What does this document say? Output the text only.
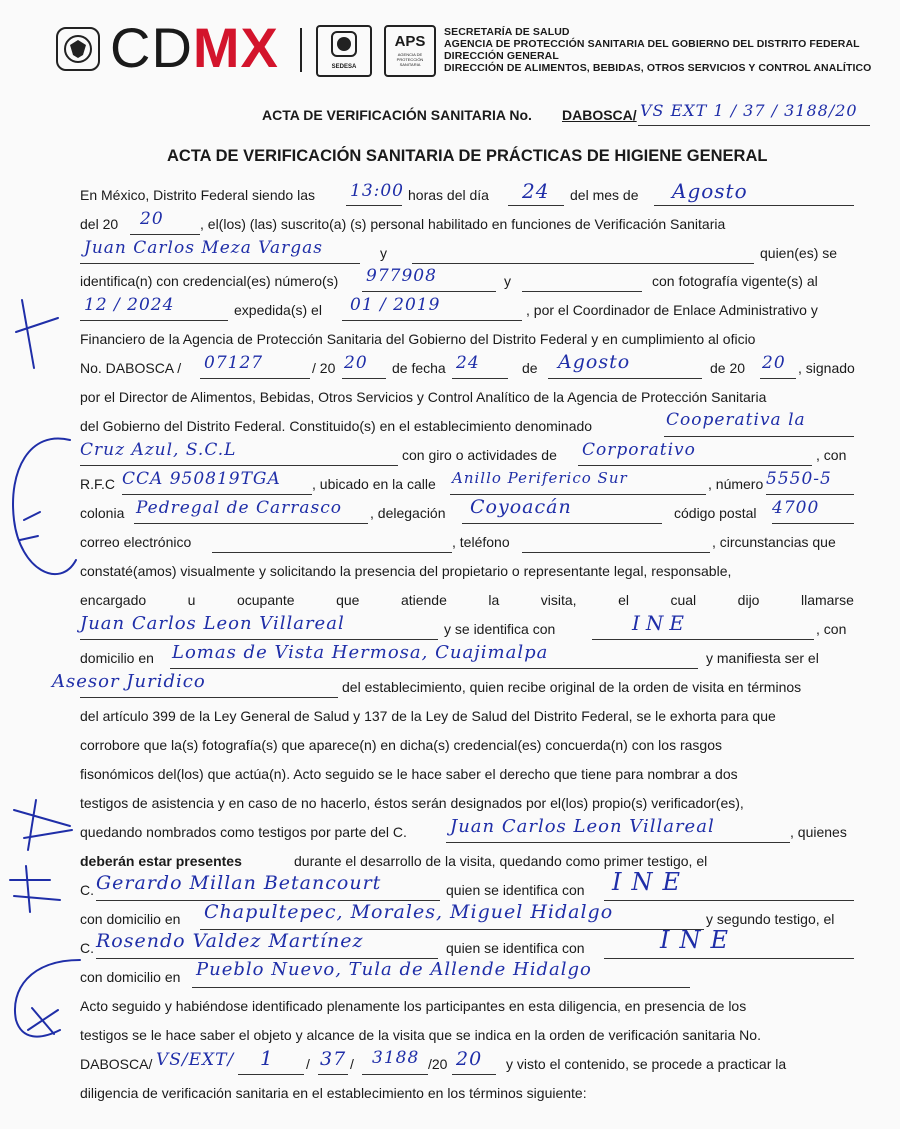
CDMX	SEDESA
APS
AGENCIA DE PROTECCIÓN SANITARIA
SECRETARÍA DE SALUD
AGENCIA DE PROTECCIÓN SANITARIA DEL GOBIERNO DEL DISTRITO FEDERAL
DIRECCIÓN GENERAL
DIRECCIÓN DE ALIMENTOS, BEBIDAS, OTROS SERVICIOS Y CONTROL ANALÍTICO
ACTA DE VERIFICACIÓN SANITARIA No. DABOSCA/ VS EXT 1 / 37 / 3188/20
ACTA DE VERIFICACIÓN SANITARIA DE PRÁCTICAS DE HIGIENE GENERAL
En México, Distrito Federal siendo las 13:00 horas del día 24 del mes de Agosto
del 20 20	, el(los) (las) suscrito(a) (s) personal habilitado en funciones de Verificación Sanitaria
Juan Carlos Meza Vargas	y	quien(es) se
identifica(n) con credencial(es) número(s) 977908	y	con fotografía vigente(s) al
12 / 2024	expedida(s) el 01 / 2019	, por el Coordinador de Enlace Administrativo y
Financiero de la Agencia de Protección Sanitaria del Gobierno del Distrito Federal y en cumplimiento al oficio
No. DABOSCA / 07127	/ 20 20 de fecha 24	de Agosto	de 20 20 , signado
por el Director de Alimentos, Bebidas, Otros Servicios y Control Analítico de la Agencia de Protección Sanitaria
del Gobierno del Distrito Federal. Constituido(s) en el establecimiento denominado	Cooperativa la
Cruz Azul, S.C.L	con giro o actividades de Corporativo	, con
R.F.C CCA 950819TGA , ubicado en la calle Anillo Periferico Sur	, número 5550-5
colonia Pedregal de Carrasco , delegación Coyoacán	código postal 4700
correo electrónico	, teléfono	, circunstancias que
constaté(amos) visualmente y solicitando la presencia del propietario o representante legal, responsable,
encargado	u	ocupante	que	atiende	la	visita,	el	cual	dijo	llamarse
Juan Carlos Leon Villareal	y se identifica con	INE	, con
domicilio en Lomas de Vista Hermosa, Cuajimalpa	y manifiesta ser el
Asesor Juridico	del establecimiento, quien recibe original de la orden de visita en términos
del artículo 399 de la Ley General de Salud y 137 de la Ley de Salud del Distrito Federal, se le exhorta para que
corrobore que la(s) fotografía(s) que aparece(n) en dicha(s) credencial(es) concuerda(n) con los rasgos
fisonómicos del(los) que actúa(n). Acto seguido se le hace saber el derecho que tiene para nombrar a dos
testigos de asistencia y en caso de no hacerlo, éstos serán designados por el(los) propio(s) verificador(es),
quedando nombrados como testigos por parte del C. Juan Carlos Leon Villareal	, quienes
deberán estar presentes	durante el desarrollo de la visita, quedando como primer testigo, el
C. Gerardo Millan Betancourt	quien se identifica con INE
con domicilio en Chapultepec, Morales, Miguel Hidalgo	y segundo testigo, el
C. Rosendo Valdez Martínez	quien se identifica con	INE
con domicilio en Pueblo Nuevo, Tula de Allende Hidalgo
Acto seguido y habiéndose identificado plenamente los participantes en esta diligencia, en presencia de los
testigos se le hace saber el objeto y alcance de la visita que se indica en la orden de verificación sanitaria No.
DABOSCA/ VS/EXT/ 1 / 37 / 3188 /20 20 y visto el contenido, se procede a practicar la
diligencia de verificación sanitaria en el establecimiento en los términos siguiente:
